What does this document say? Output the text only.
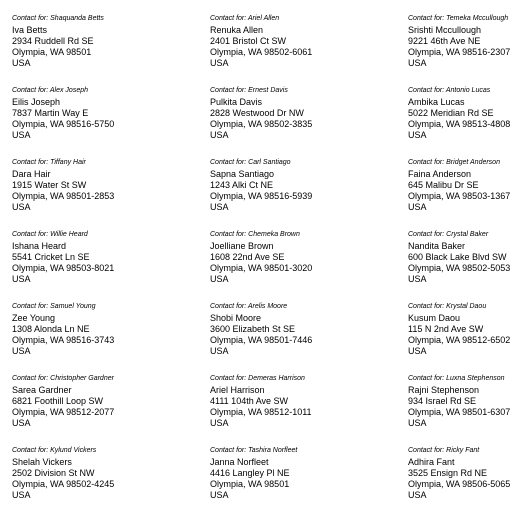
Contact for: Shaquanda Betts
Iva Betts
2934 Ruddell Rd SE
Olympia, WA 98501
USA
Contact for: Ariel Allen
Renuka Allen
2401 Bristol Ct SW
Olympia, WA 98502-6061
USA
Contact for: Temeka Mccullough
Srishti Mccullough
9221 46th Ave NE
Olympia, WA 98516-2307
USA
Contact for: Alex Joseph
Eilis Joseph
7837 Martin Way E
Olympia, WA 98516-5750
USA
Contact for: Ernest Davis
Pulkita Davis
2828 Westwood Dr NW
Olympia, WA 98502-3835
USA
Contact for: Antonio Lucas
Ambika Lucas
5022 Meridian Rd SE
Olympia, WA 98513-4808
USA
Contact for: Tiffany Hair
Dara Hair
1915 Water St SW
Olympia, WA 98501-2853
USA
Contact for: Carl Santiago
Sapna Santiago
1243 Alki Ct NE
Olympia, WA 98516-5939
USA
Contact for: Bridget Anderson
Faina Anderson
645 Malibu Dr SE
Olympia, WA 98503-1367
USA
Contact for: Willie Heard
Ishana Heard
5541 Cricket Ln SE
Olympia, WA 98503-8021
USA
Contact for: Chemeka Brown
Joelliane Brown
1608 22nd Ave SE
Olympia, WA 98501-3020
USA
Contact for: Crystal Baker
Nandita Baker
600 Black Lake Blvd SW
Olympia, WA 98502-5053
USA
Contact for: Samuel Young
Zee Young
1308 Alonda Ln NE
Olympia, WA 98516-3743
USA
Contact for: Arelis Moore
Shobi Moore
3600 Elizabeth St SE
Olympia, WA 98501-7446
USA
Contact for: Krystal Daou
Kusum Daou
115 N 2nd Ave SW
Olympia, WA 98512-6502
USA
Contact for: Christopher Gardner
Sarea Gardner
6821 Foothill Loop SW
Olympia, WA 98512-2077
USA
Contact for: Demeras Harrison
Ariel Harrison
4111 104th Ave SW
Olympia, WA 98512-1011
USA
Contact for: Luxna Stephenson
Rajni Stephenson
934 Israel Rd SE
Olympia, WA 98501-6307
USA
Contact for: Kylund Vickers
Shelah Vickers
2502 Division St NW
Olympia, WA 98502-4245
USA
Contact for: Tashira Norfleet
Janna Norfleet
4416 Langley Pl NE
Olympia, WA 98501
USA
Contact for: Ricky Fant
Adhira Fant
3525 Ensign Rd NE
Olympia, WA 98506-5065
USA
